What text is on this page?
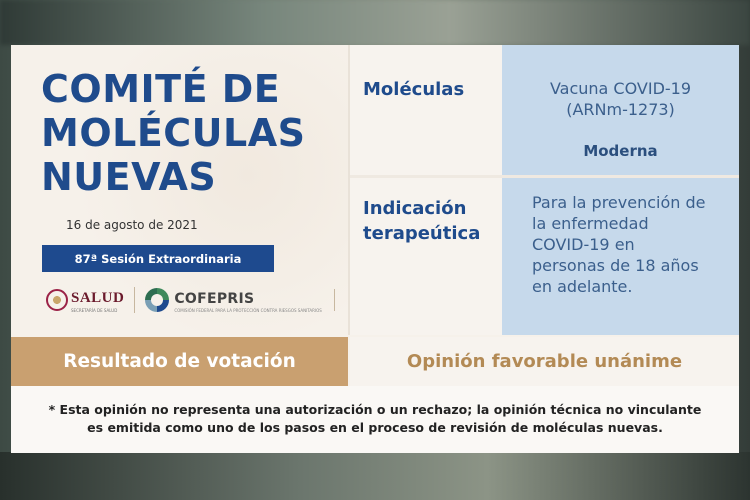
COMITÉ DE
MOLÉCULAS
NUEVAS
16 de agosto de 2021
87ª Sesión Extraordinaria
SALUD
SECRETARÍA DE SALUD
COFEPRIS
COMISIÓN FEDERAL PARA LA PROTECCIÓN CONTRA RIESGOS SANITARIOS
Moléculas	Vacuna COVID-19
(ARNm-1273)
Moderna
Indicación
terapeútica
Para la prevención de
la enfermedad
COVID-19 en
personas de 18 años
en adelante.
Resultado de votación	Opinión favorable unánime
* Esta opinión no representa una autorización o un rechazo; la opinión técnica no vinculante
es emitida como uno de los pasos en el proceso de revisión de moléculas nuevas.
